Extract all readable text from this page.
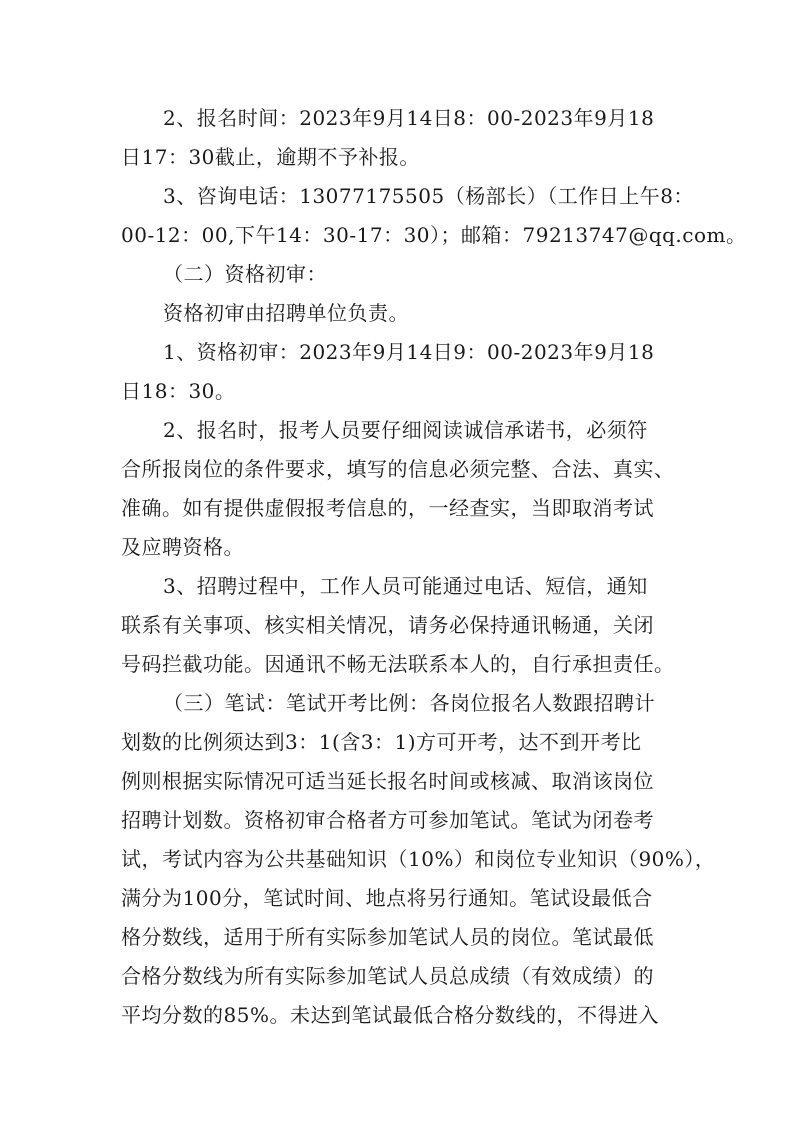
2、报名时间：2023年9月14日8：00-2023年9月18
日17：30截止，逾期不予补报。
3、咨询电话：13077175505（杨部长）（工作日上午8：
00-12：00,下午14：30-17：30）；邮箱：79213747@qq.com。
（二）资格初审：
资格初审由招聘单位负责。
1、资格初审：2023年9月14日9：00-2023年9月18
日18：30。
2、报名时，报考人员要仔细阅读诚信承诺书，必须符
合所报岗位的条件要求，填写的信息必须完整、合法、真实、
准确。如有提供虚假报考信息的，一经查实，当即取消考试
及应聘资格。
3、招聘过程中，工作人员可能通过电话、短信，通知
联系有关事项、核实相关情况，请务必保持通讯畅通，关闭
号码拦截功能。因通讯不畅无法联系本人的，自行承担责任。
（三）笔试：笔试开考比例：各岗位报名人数跟招聘计
划数的比例须达到3：1(含3：1)方可开考，达不到开考比
例则根据实际情况可适当延长报名时间或核减、取消该岗位
招聘计划数。资格初审合格者方可参加笔试。笔试为闭卷考
试，考试内容为公共基础知识（10%）和岗位专业知识（90%），
满分为100分，笔试时间、地点将另行通知。笔试设最低合
格分数线，适用于所有实际参加笔试人员的岗位。笔试最低
合格分数线为所有实际参加笔试人员总成绩（有效成绩）的
平均分数的85%。未达到笔试最低合格分数线的，不得进入
